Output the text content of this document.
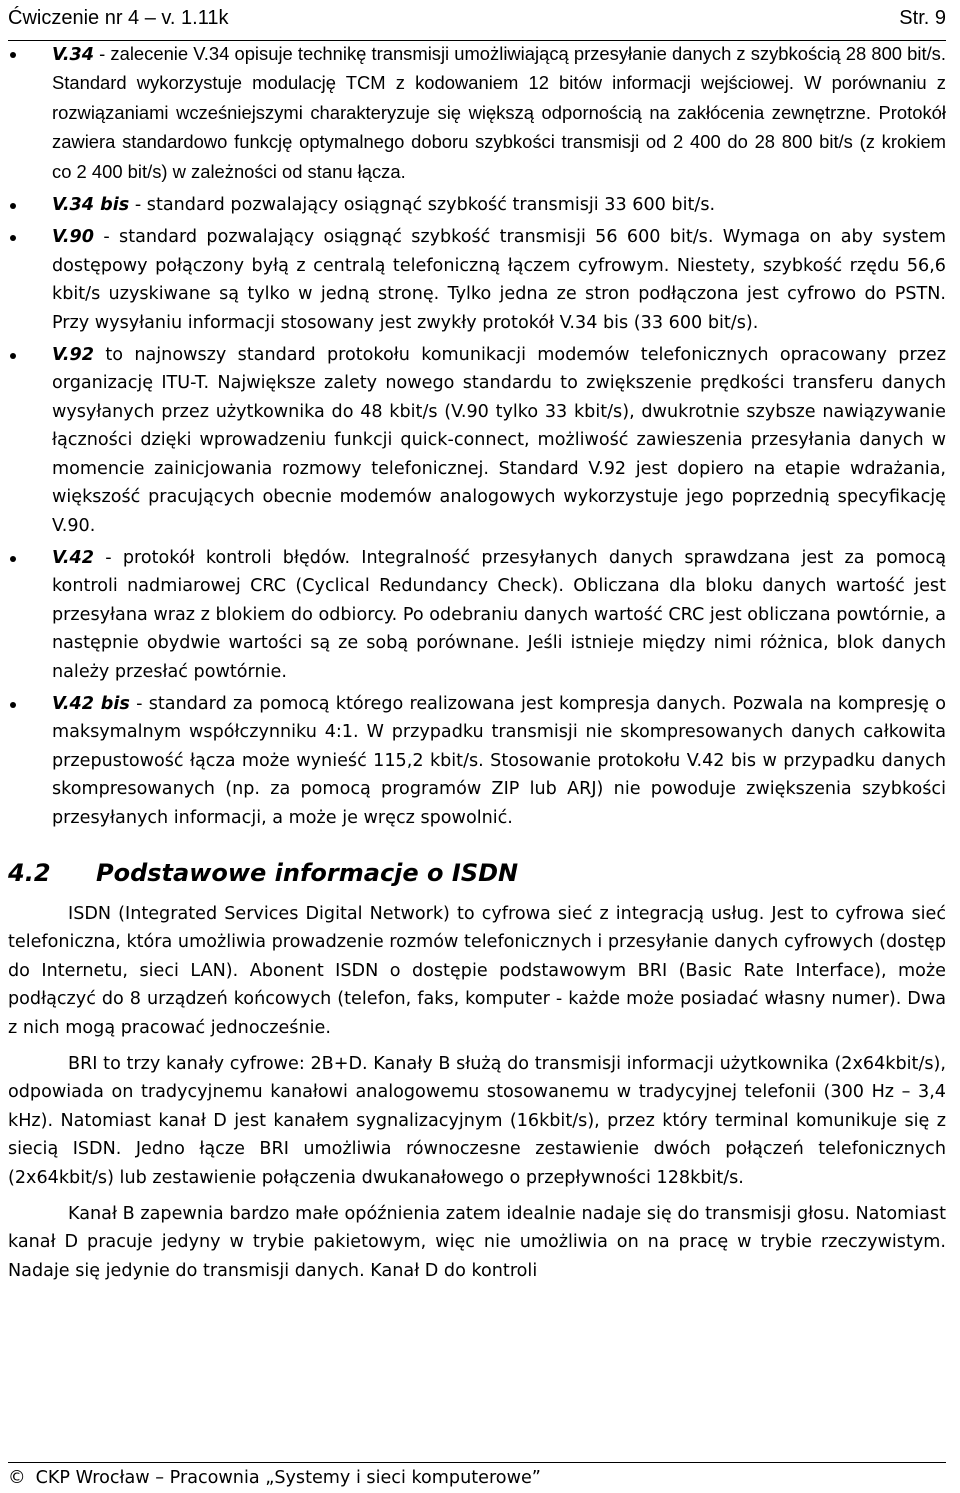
Ćwiczenie nr 4 – v. 1.11k	Str. 9
V.34 - zalecenie V.34 opisuje technikę transmisji umożliwiającą przesyłanie danych z szybkością 28 800 bit/s. Standard wykorzystuje modulację TCM z kodowaniem 12 bitów informacji wejściowej. W porównaniu z rozwiązaniami wcześniejszymi charakteryzuje się większą odpornością na zakłócenia zewnętrzne. Protokół zawiera standardowo funkcję optymalnego doboru szybkości transmisji od 2 400 do 28 800 bit/s (z krokiem co 2 400 bit/s) w zależności od stanu łącza.
V.34 bis - standard pozwalający osiągnąć szybkość transmisji 33 600 bit/s.
V.90 - standard pozwalający osiągnąć szybkość transmisji 56 600 bit/s. Wymaga on aby system dostępowy połączony byłą z centralą telefoniczną łączem cyfrowym. Niestety, szybkość rzędu 56,6 kbit/s uzyskiwane są tylko w jedną stronę. Tylko jedna ze stron podłączona jest cyfrowo do PSTN. Przy wysyłaniu informacji stosowany jest zwykły protokół V.34 bis (33 600 bit/s).
V.92 to najnowszy standard protokołu komunikacji modemów telefonicznych opracowany przez organizację ITU-T. Największe zalety nowego standardu to zwiększenie prędkości transferu danych wysyłanych przez użytkownika do 48 kbit/s (V.90 tylko 33 kbit/s), dwukrotnie szybsze nawiązywanie łączności dzięki wprowadzeniu funkcji quick-connect, możliwość zawieszenia przesyłania danych w momencie zainicjowania rozmowy telefonicznej. Standard V.92 jest dopiero na etapie wdrażania, większość pracujących obecnie modemów analogowych wykorzystuje jego poprzednią specyfikację V.90.
V.42 - protokół kontroli błędów. Integralność przesyłanych danych sprawdzana jest za pomocą kontroli nadmiarowej CRC (Cyclical Redundancy Check). Obliczana dla bloku danych wartość jest przesyłana wraz z blokiem do odbiorcy. Po odebraniu danych wartość CRC jest obliczana powtórnie, a następnie obydwie wartości są ze sobą porównane. Jeśli istnieje między nimi różnica, blok danych należy przesłać powtórnie.
V.42 bis - standard za pomocą którego realizowana jest kompresja danych. Pozwala na kompresję o maksymalnym współczynniku 4:1. W przypadku transmisji nie skompresowanych danych całkowita przepustowość łącza może wynieść 115,2 kbit/s. Stosowanie protokołu V.42 bis w przypadku danych skompresowanych (np. za pomocą programów ZIP lub ARJ) nie powoduje zwiększenia szybkości przesyłanych informacji, a może je wręcz spowolnić.
4.2 Podstawowe informacje o ISDN

ISDN (Integrated Services Digital Network) to cyfrowa sieć z integracją usług. Jest to cyfrowa sieć telefoniczna, która umożliwia prowadzenie rozmów telefonicznych i przesyłanie danych cyfrowych (dostęp do Internetu, sieci LAN). Abonent ISDN o dostępie podstawowym BRI (Basic Rate Interface), może podłączyć do 8 urządzeń końcowych (telefon, faks, komputer - każde może posiadać własny numer). Dwa z nich mogą pracować jednocześnie.

BRI to trzy kanały cyfrowe: 2B+D. Kanały B służą do transmisji informacji użytkownika (2x64kbit/s), odpowiada on tradycyjnemu kanałowi analogowemu stosowanemu w tradycyjnej telefonii (300 Hz – 3,4 kHz). Natomiast kanał D jest kanałem sygnalizacyjnym (16kbit/s), przez który terminal komunikuje się z siecią ISDN. Jedno łącze BRI umożliwia równoczesne zestawienie dwóch połączeń telefonicznych (2x64kbit/s) lub zestawienie połączenia dwukanałowego o przepływności 128kbit/s.

Kanał B zapewnia bardzo małe opóźnienia zatem idealnie nadaje się do transmisji głosu. Natomiast kanał D pracuje jedyny w trybie pakietowym, więc nie umożliwia on na pracę w trybie rzeczywistym. Nadaje się jedynie do transmisji danych. Kanał D do kontroli

© CKP Wrocław – Pracownia „Systemy i sieci komputerowe”
